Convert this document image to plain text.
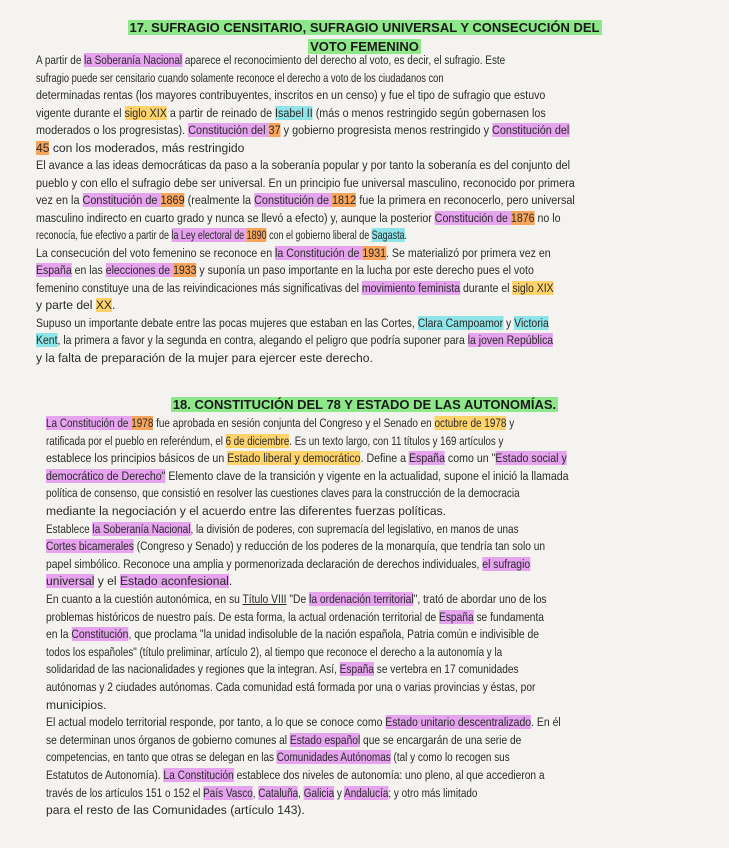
17. SUFRAGIO CENSITARIO, SUFRAGIO UNIVERSAL Y CONSECUCIÓN DEL
VOTO FEMENINO
A partir de la Soberanía Nacional aparece el reconocimiento del derecho al voto, es decir, el sufragio. Este
sufragio puede ser censitario cuando solamente reconoce el derecho a voto de los ciudadanos con
determinadas rentas (los mayores contribuyentes, inscritos en un censo) y fue el tipo de sufragio que estuvo
vigente durante el siglo XIX a partir de reinado de Isabel II (más o menos restringido según gobernasen los
moderados o los progresistas). Constitución del 37 y gobierno progresista menos restringido y Constitución del
45 con los moderados, más restringido
El avance a las ideas democráticas da paso a la soberanía popular y por tanto la soberanía es del conjunto del
pueblo y con ello el sufragio debe ser universal. En un principio fue universal masculino, reconocido por primera
vez en la Constitución de 1869 (realmente la Constitución de 1812 fue la primera en reconocerlo, pero universal
masculino indirecto en cuarto grado y nunca se llevó a efecto) y, aunque la posterior Constitución de 1876 no lo
reconocía, fue efectivo a partir de la Ley electoral de 1890 con el gobierno liberal de Sagasta.
La consecución del voto femenino se reconoce en la Constitución de 1931. Se materializó por primera vez en
España en las elecciones de 1933 y suponía un paso importante en la lucha por este derecho pues el voto
femenino constituye una de las reivindicaciones más significativas del movimiento feminista durante el siglo XIX
y parte del XX.
Supuso un importante debate entre las pocas mujeres que estaban en las Cortes, Clara Campoamor y Victoria
Kent, la primera a favor y la segunda en contra, alegando el peligro que podría suponer para la joven República
y la falta de preparación de la mujer para ejercer este derecho.
18. CONSTITUCIÓN DEL 78 Y ESTADO DE LAS AUTONOMÍAS.
La Constitución de 1978 fue aprobada en sesión conjunta del Congreso y el Senado en octubre de 1978 y
ratificada por el pueblo en referéndum, el 6 de diciembre. Es un texto largo, con 11 títulos y 169 artículos y
establece los principios básicos de un Estado liberal y democrático. Define a España como un "Estado social y
democrático de Derecho" Elemento clave de la transición y vigente en la actualidad, supone el inició la llamada
política de consenso, que consistió en resolver las cuestiones claves para la construcción de la democracia
mediante la negociación y el acuerdo entre las diferentes fuerzas políticas.
Establece la Soberanía Nacional, la división de poderes, con supremacía del legislativo, en manos de unas
Cortes bicamerales (Congreso y Senado) y reducción de los poderes de la monarquía, que tendría tan solo un
papel simbólico. Reconoce una amplia y pormenorizada declaración de derechos individuales, el sufragio
universal y el Estado aconfesional.
En cuanto a la cuestión autonómica, en su Título VIII "De la ordenación territorial", trató de abordar uno de los
problemas históricos de nuestro país. De esta forma, la actual ordenación territorial de España se fundamenta
en la Constitución, que proclama "la unidad indisoluble de la nación española, Patria común e indivisible de
todos los españoles" (título preliminar, artículo 2), al tiempo que reconoce el derecho a la autonomía y la
solidaridad de las nacionalidades y regiones que la integran. Así, España se vertebra en 17 comunidades
autónomas y 2 ciudades autónomas. Cada comunidad está formada por una o varias provincias y éstas, por
municipios.
El actual modelo territorial responde, por tanto, a lo que se conoce como Estado unitario descentralizado. En él
se determinan unos órganos de gobierno comunes al Estado español que se encargarán de una serie de
competencias, en tanto que otras se delegan en las Comunidades Autónomas (tal y como lo recogen sus
Estatutos de Autonomía). La Constitución establece dos niveles de autonomía: uno pleno, al que accedieron a
través de los artículos 151 o 152 el País Vasco, Cataluña, Galicia y Andalucía; y otro más limitado
para el resto de las Comunidades (artículo 143).
